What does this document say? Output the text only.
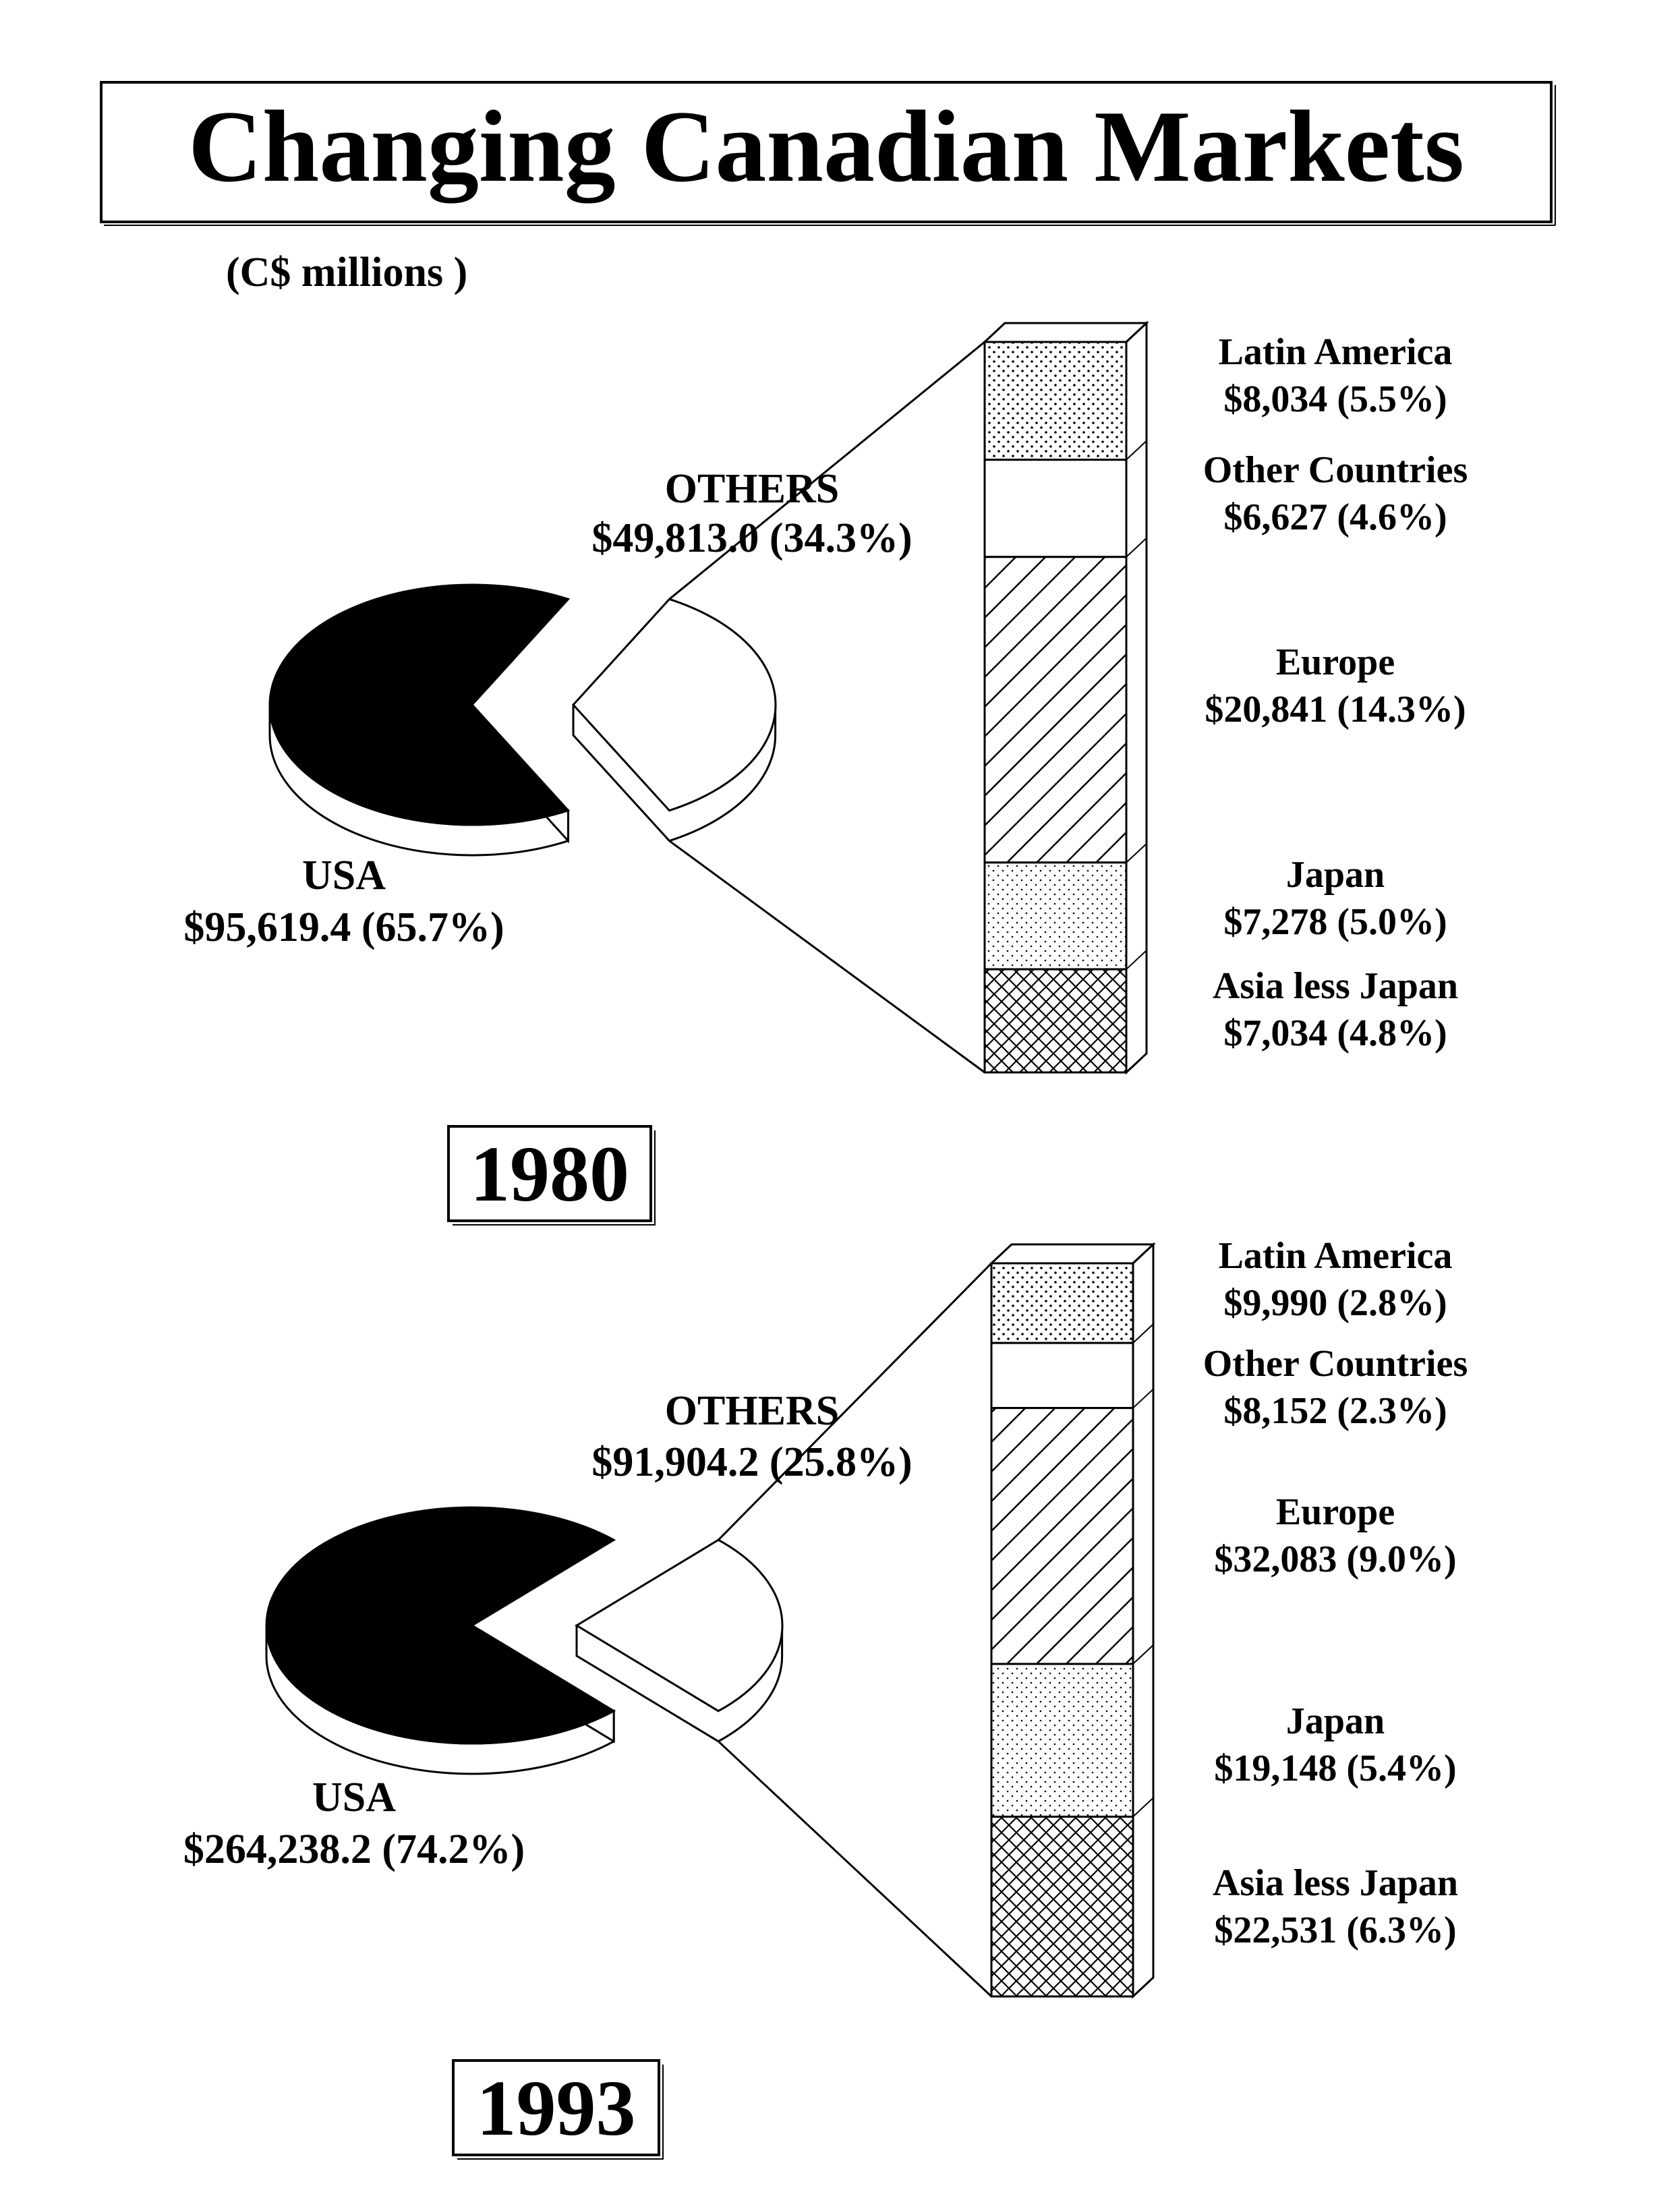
Changing Canadian Markets
(C$ millions )
Latin America
$8,034 (5.5%)
Other Countries
$6,627 (4.6%)
Europe
$20,841 (14.3%)
Japan
$7,278 (5.0%)
Asia less Japan
$7,034 (4.8%)
OTHERS
$49,813.0 (34.3%)
USA
$95,619.4 (65.7%)
1980
Latin America
$9,990 (2.8%)
Other Countries
$8,152 (2.3%)
Europe
$32,083 (9.0%)
Japan
$19,148 (5.4%)
Asia less Japan
$22,531 (6.3%)
OTHERS
$91,904.2 (25.8%)
USA
$264,238.2 (74.2%)
1993
